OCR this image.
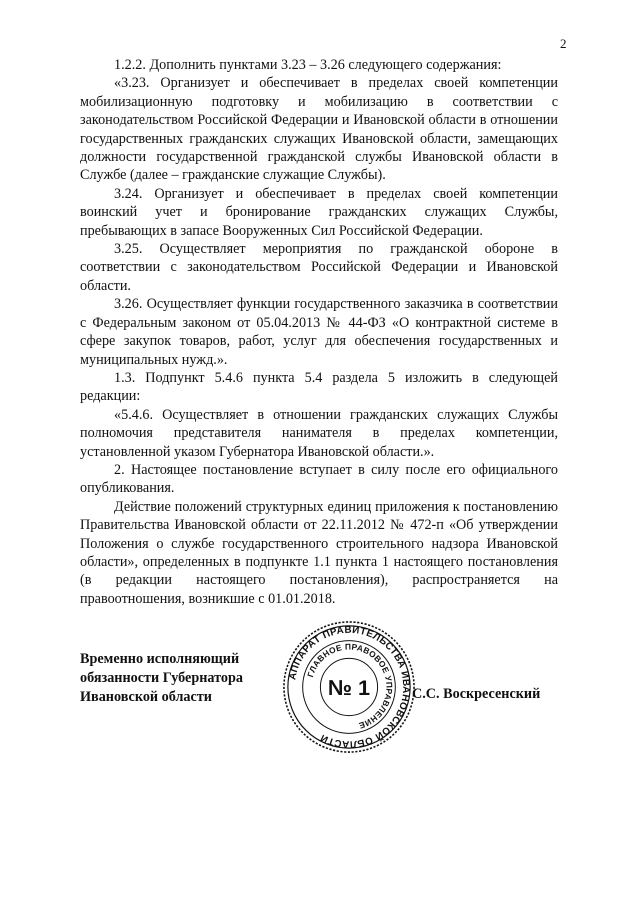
2

1.2.2. Дополнить пунктами 3.23 – 3.26 следующего содержания:

«3.23. Организует и обеспечивает в пределах своей компетенции мобилизационную подготовку и мобилизацию в соответствии с законодательством Российской Федерации и Ивановской области в отношении государственных гражданских служащих Ивановской области, замещающих должности государственной гражданской службы Ивановской области в Службе (далее – гражданские служащие Службы).

3.24. Организует и обеспечивает в пределах своей компетенции воинский учет и бронирование гражданских служащих Службы, пребывающих в запасе Вооруженных Сил Российской Федерации.

3.25. Осуществляет мероприятия по гражданской обороне в соответствии с законодательством Российской Федерации и Ивановской области.

3.26. Осуществляет функции государственного заказчика в соответствии с Федеральным законом от 05.04.2013 № 44-ФЗ «О контрактной системе в сфере закупок товаров, работ, услуг для обеспечения государственных и муниципальных нужд.».

1.3. Подпункт 5.4.6 пункта 5.4 раздела 5 изложить в следующей редакции:

«5.4.6. Осуществляет в отношении гражданских служащих Службы полномочия представителя нанимателя в пределах компетенции, установленной указом Губернатора Ивановской области.».

2. Настоящее постановление вступает в силу после его официального опубликования.

Действие положений структурных единиц приложения к постановлению Правительства Ивановской области от 22.11.2012 № 472-п «Об утверждении Положения о службе государственного строительного надзора Ивановской области», определенных в подпункте 1.1 пункта 1 настоящего постановления (в редакции настоящего постановления), распространяется на правоотношения, возникшие с 01.01.2018.

Временно исполняющий
обязанности Губернатора
Ивановской области
АППАРАТ ПРАВИТЕЛЬСТВА ИВАНОВСКОЙ ОБЛАСТИ
ГЛАВНОЕ ПРАВОВОЕ УПРАВЛЕНИЕ
№ 1	С.С. Воскресенский
